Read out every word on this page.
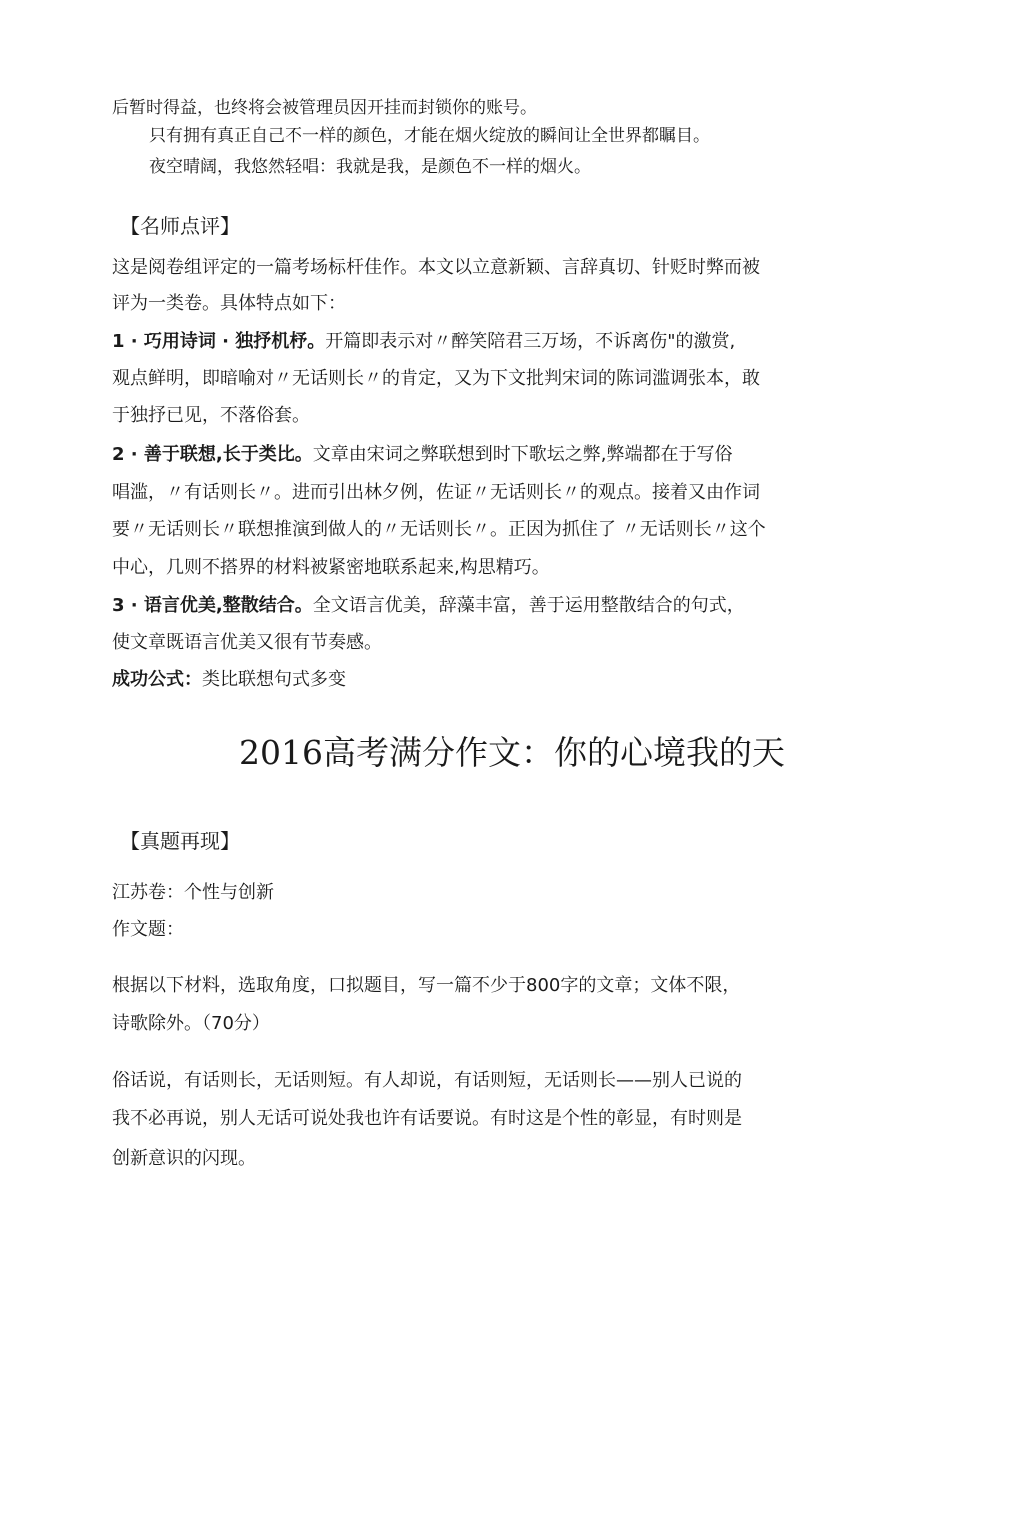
后暂时得益，也终将会被管理员因开挂而封锁你的账号。
只有拥有真正自己不一样的颜色，才能在烟火绽放的瞬间让全世界都瞩目。
夜空晴阔，我悠然轻唱：我就是我，是颜色不一样的烟火。
【名师点评】
这是阅卷组评定的一篇考场标杆佳作。本文以立意新颖、言辞真切、针贬时弊而被
评为一类卷。具体特点如下：
1 · 巧用诗词 · 独抒机杼。开篇即表示对〃醉笑陪君三万场，不诉离伤"的激赏,
观点鲜明，即暗喻对〃无话则长〃的肯定，又为下文批判宋词的陈词滥调张本，敢
于独抒已见，不落俗套。
2 · 善于联想,长于类比。文章由宋词之弊联想到时下歌坛之弊,弊端都在于写俗
唱滥，〃有话则长〃。进而引出林夕例，佐证〃无话则长〃的观点。接着又由作词
要〃无话则长〃联想推演到做人的〃无话则长〃。正因为抓住了 〃无话则长〃这个
中心，几则不搭界的材料被紧密地联系起来,构思精巧。
3 · 语言优美,整散结合。全文语言优美，辞藻丰富，善于运用整散结合的句式，
使文章既语言优美又很有节奏感。
成功公式：类比联想句式多变
2016高考满分作文：你的心境我的天
【真题再现】
江苏卷：个性与创新
作文题：
根据以下材料，选取角度，口拟题目，写一篇不少于800字的文章；文体不限，
诗歌除外。（70分）
俗话说，有话则长，无话则短。有人却说，有话则短，无话则长——别人已说的
我不必再说，别人无话可说处我也许有话要说。有时这是个性的彰显，有时则是
创新意识的闪现。
